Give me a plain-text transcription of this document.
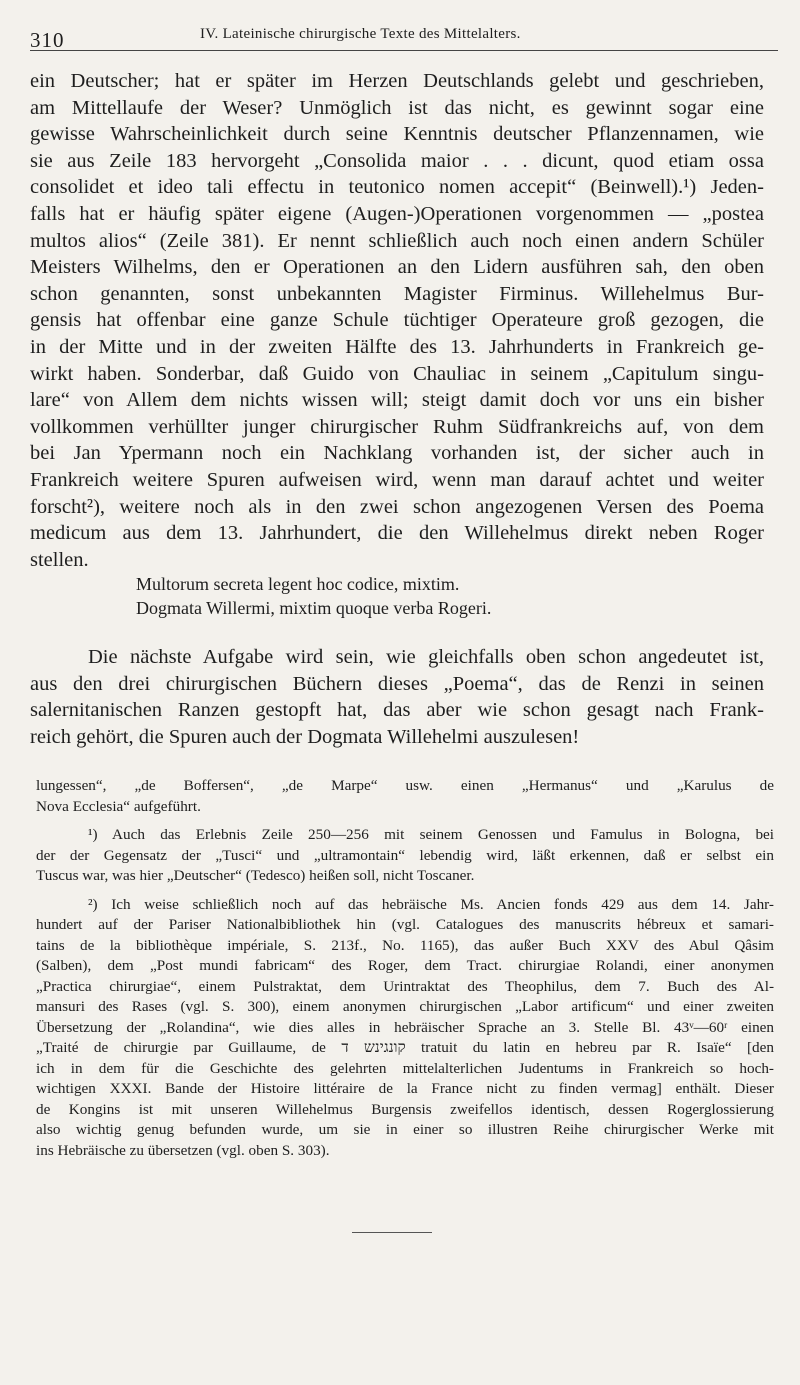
310	IV. Lateinische chirurgische Texte des Mittelalters.
ein Deutscher; hat er später im Herzen Deutschlands gelebt und geschrieben,
am Mittellaufe der Weser? Unmöglich ist das nicht, es gewinnt sogar eine
gewisse Wahrscheinlichkeit durch seine Kenntnis deutscher Pflanzennamen, wie
sie aus Zeile 183 hervorgeht „Consolida maior . . . dicunt, quod etiam ossa
consolidet et ideo tali effectu in teutonico nomen accepit“ (Beinwell).¹) Jeden-
falls hat er häufig später eigene (Augen-)Operationen vorgenommen — „postea
multos alios“ (Zeile 381). Er nennt schließlich auch noch einen andern Schüler
Meisters Wilhelms, den er Operationen an den Lidern ausführen sah, den oben
schon genannten, sonst unbekannten Magister Firminus. Willehelmus Bur-
gensis hat offenbar eine ganze Schule tüchtiger Operateure groß gezogen, die
in der Mitte und in der zweiten Hälfte des 13. Jahrhunderts in Frankreich ge-
wirkt haben. Sonderbar, daß Guido von Chauliac in seinem „Capitulum singu-
lare“ von Allem dem nichts wissen will; steigt damit doch vor uns ein bisher
vollkommen verhüllter junger chirurgischer Ruhm Südfrankreichs auf, von dem
bei Jan Ypermann noch ein Nachklang vorhanden ist, der sicher auch in
Frankreich weitere Spuren aufweisen wird, wenn man darauf achtet und weiter
forscht²), weitere noch als in den zwei schon angezogenen Versen des Poema
medicum aus dem 13. Jahrhundert, die den Willehelmus direkt neben Roger
stellen.
Multorum secreta legent hoc codice, mixtim.
Dogmata Willermi, mixtim quoque verba Rogeri.
Die nächste Aufgabe wird sein, wie gleichfalls oben schon angedeutet ist,
aus den drei chirurgischen Büchern dieses „Poema“, das de Renzi in seinen
salernitanischen Ranzen gestopft hat, das aber wie schon gesagt nach Frank-
reich gehört, die Spuren auch der Dogmata Willehelmi auszulesen!
lungessen“, „de Boffersen“, „de Marpe“ usw. einen „Hermanus“ und „Karulus de
Nova Ecclesia“ aufgeführt.
¹) Auch das Erlebnis Zeile 250—256 mit seinem Genossen und Famulus in Bologna, bei
der der Gegensatz der „Tusci“ und „ultramontain“ lebendig wird, läßt erkennen, daß er selbst ein
Tuscus war, was hier „Deutscher“ (Tedesco) heißen soll, nicht Toscaner.
²) Ich weise schließlich noch auf das hebräische Ms. Ancien fonds 429 aus dem 14. Jahr-
hundert auf der Pariser Nationalbibliothek hin (vgl. Catalogues des manuscrits hébreux et samari-
tains de la bibliothèque impériale, S. 213f., No. 1165), das außer Buch XXV des Abul Qâsim
(Salben), dem „Post mundi fabricam“ des Roger, dem Tract. chirurgiae Rolandi, einer anonymen
„Practica chirurgiae“, einem Pulstraktat, dem Urintraktat des Theophilus, dem 7. Buch des Al-
mansuri des Rases (vgl. S. 300), einem anonymen chirurgischen „Labor artificum“ und einer zweiten
Übersetzung der „Rolandina“, wie dies alles in hebräischer Sprache an 3. Stelle Bl. 43ᵛ—60ʳ einen
„Traité de chirurgie par Guillaume, de קונגינש ד tratuit du latin en hebreu par R. Isaïe“ [den
ich in dem für die Geschichte des gelehrten mittelalterlichen Judentums in Frankreich so hoch-
wichtigen XXXI. Bande der Histoire littéraire de la France nicht zu finden vermag] enthält. Dieser
de Kongins ist mit unseren Willehelmus Burgensis zweifellos identisch, dessen Rogerglossierung
also wichtig genug befunden wurde, um sie in einer so illustren Reihe chirurgischer Werke mit
ins Hebräische zu übersetzen (vgl. oben S. 303).
